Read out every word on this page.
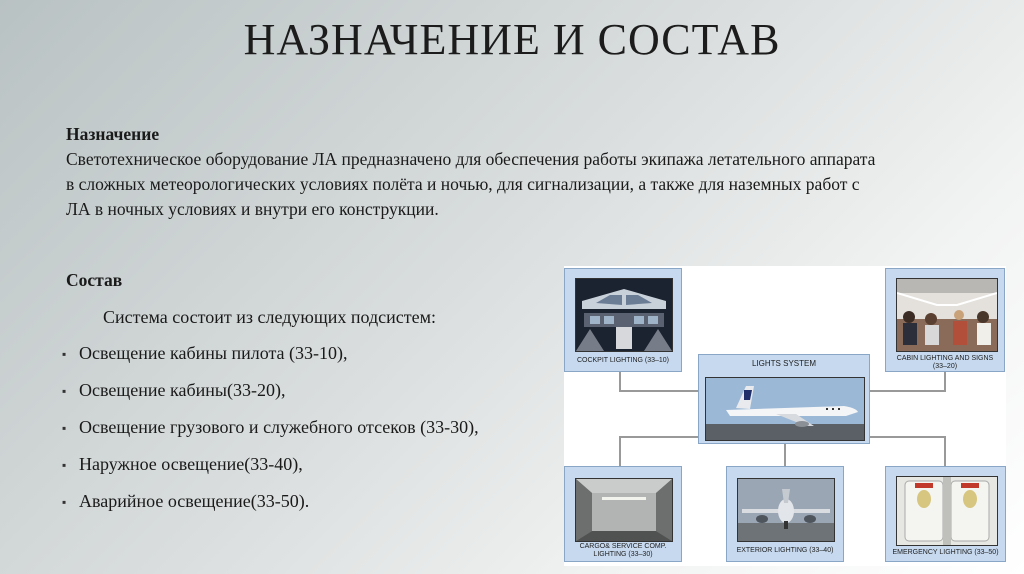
НАЗНАЧЕНИЕ И СОСТАВ
Назначение
Светотехническое оборудование ЛА предназначено для обеспечения работы экипажа летательного аппарата
в сложных метеорологических условиях полёта и ночью, для сигнализации, а также для наземных работ с
ЛА в ночных условиях и внутри его конструкции.
Состав
Система состоит из следующих подсистем:
▪ Освещение кабины пилота (33-10),
▪ Освещение кабины(33-20),
▪ Освещение грузового и служебного отсеков (33-30),
▪ Наружное освещение(33-40),
▪ Аварийное освещение(33-50).
COCKPIT LIGHTING (33–10)	CABIN LIGHTING AND SIGNS
(33–20)
LIGHTS SYSTEM
CARGO& SERVICE COMP.
LIGHTING (33–30)
EXTERIOR LIGHTING (33–40)	EMERGENCY LIGHTING (33–50)
